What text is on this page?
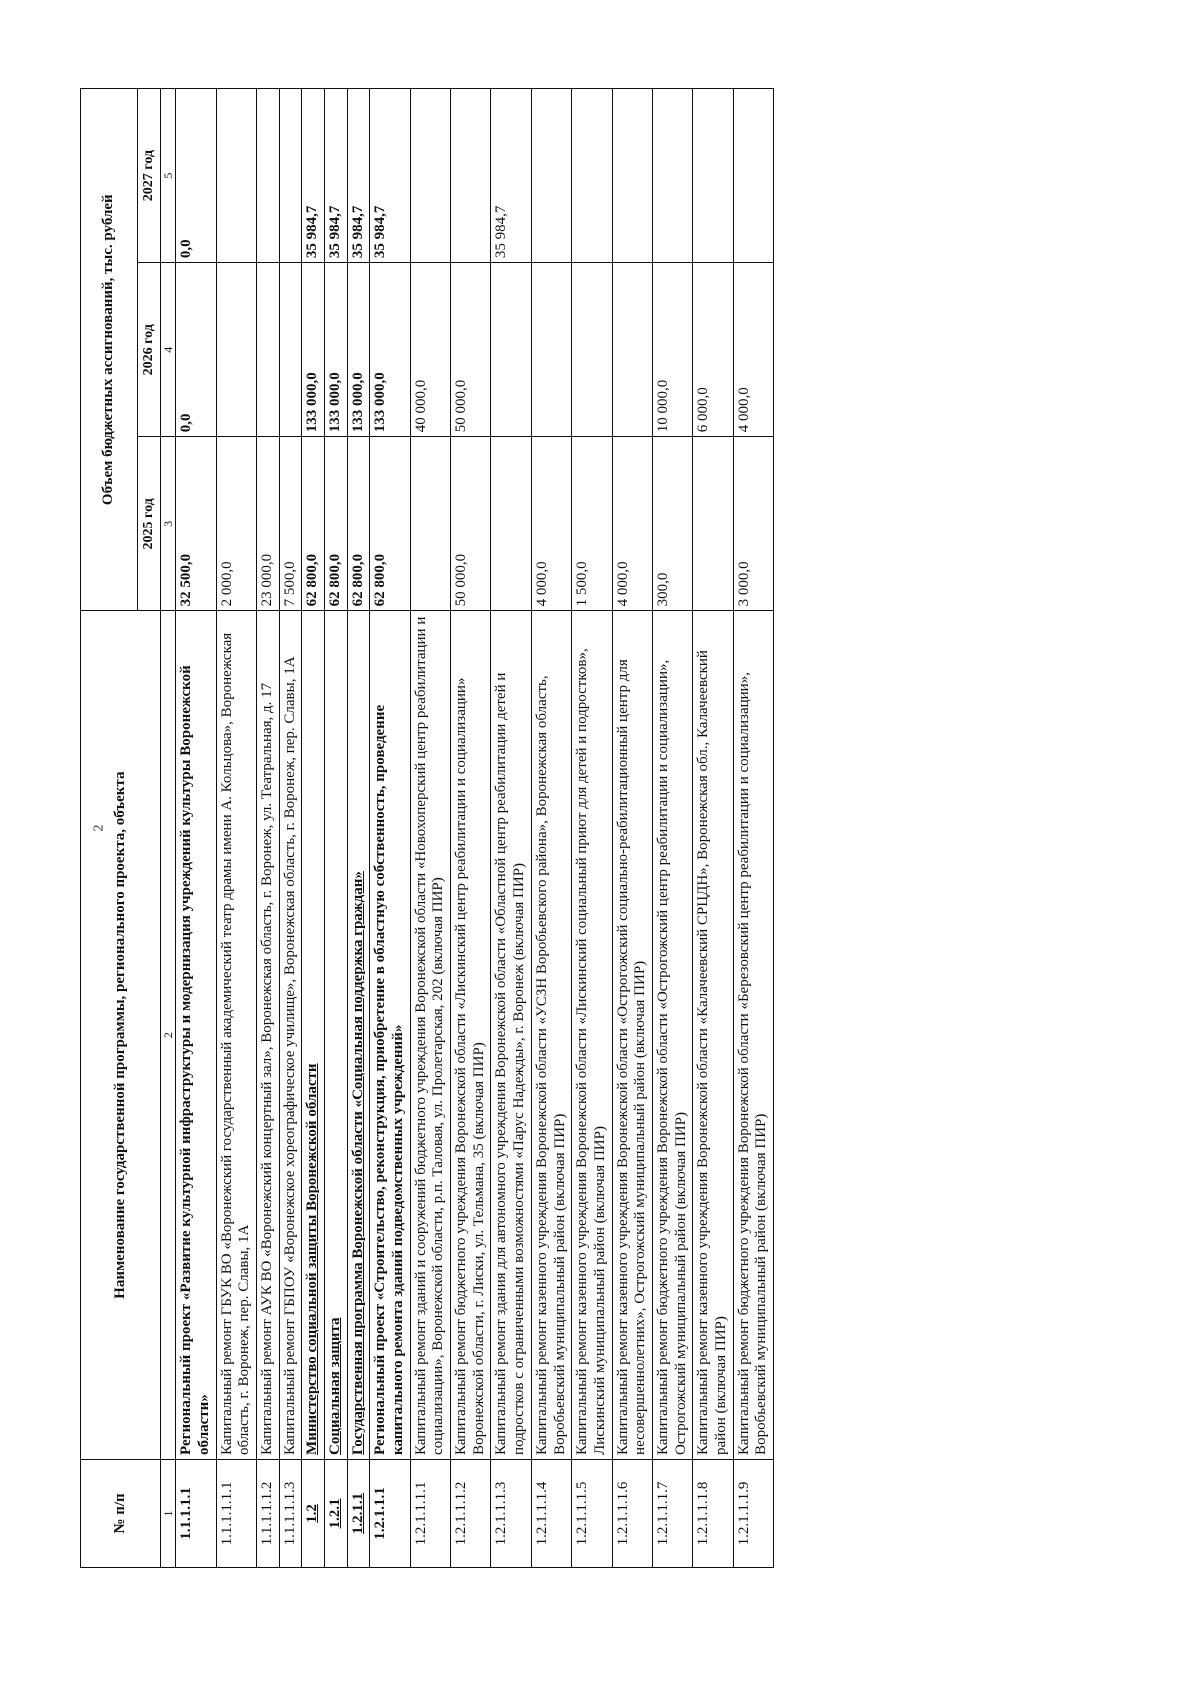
2
№ п/п	Наименование государственной программы, регионального проекта, объекта	Объем бюджетных ассигнований, тыс. рублей		
		2025 год	2026 год	2027 год
1	2	3	4	5
1.1.1.1.1	Региональный проект «Развитие культурной инфраструктуры и модернизация учреждений культуры Воронежской области»	32 500,0	0,0	0,0
1.1.1.1.1.1	Капитальный ремонт ГБУК ВО «Воронежский государственный академический театр драмы имени А. Кольцова», Воронежская область, г. Воронеж, пер. Славы, 1А	2 000,0		
1.1.1.1.1.2	Капитальный ремонт АУК ВО «Воронежский концертный зал», Воронежская область, г. Воронеж, ул. Театральная, д. 17	23 000,0		
1.1.1.1.1.3	Капитальный ремонт ГБПОУ «Воронежское хореографическое училище», Воронежская область, г. Воронеж, пер. Славы, 1А	7 500,0		
1.2	Министерство социальной защиты Воронежской области	62 800,0	133 000,0	35 984,7
1.2.1	Социальная защита	62 800,0	133 000,0	35 984,7
1.2.1.1	Государственная программа Воронежской области «Социальная поддержка граждан»	62 800,0	133 000,0	35 984,7
1.2.1.1.1	Региональный проект «Строительство, реконструкция, приобретение в областную собственность, проведение капитального ремонта зданий подведомственных учреждений»	62 800,0	133 000,0	35 984,7
1.2.1.1.1.1	Капитальный ремонт зданий и сооружений бюджетного учреждения Воронежской области «Новохоперский центр реабилитации и социализации», Воронежской области, р.п. Таловая, ул. Пролетарская, 202 (включая ПИР)		40 000,0	
1.2.1.1.1.2	Капитальный ремонт бюджетного учреждения Воронежской области «Лискинский центр реабилитации и социализации» Воронежской области, г. Лиски, ул. Тельмана, 35 (включая ПИР)	50 000,0	50 000,0	
1.2.1.1.1.3	Капитальный ремонт здания для автономного учреждения Воронежской области «Областной центр реабилитации детей и подростков с ограниченными возможностями «Парус Надежды», г. Воронеж (включая ПИР)			35 984,7
1.2.1.1.1.4	Капитальный ремонт казенного учреждения Воронежской области «УСЗН Воробьевского района», Воронежская область, Воробьевский муниципальный район (включая ПИР)	4 000,0		
1.2.1.1.1.5	Капитальный ремонт казенного учреждения Воронежской области «Лискинский социальный приют для детей и подростков», Лискинский муниципальный район (включая ПИР)	1 500,0		
1.2.1.1.1.6	Капитальный ремонт казенного учреждения Воронежской области «Острогожский социально-реабилитационный центр для несовершеннолетних», Острогожский муниципальный район (включая ПИР)	4 000,0		
1.2.1.1.1.7	Капитальный ремонт бюджетного учреждения Воронежской области «Острогожский центр реабилитации и социализации», Острогожский муниципальный район (включая ПИР)	300,0	10 000,0	
1.2.1.1.1.8	Капитальный ремонт казенного учреждения Воронежской области «Калачеевский СРЦДН», Воронежская обл., Калачеевский район (включая ПИР)		6 000,0	
1.2.1.1.1.9	Капитальный ремонт бюджетного учреждения Воронежской области «Березовский центр реабилитации и социализации», Воробьевский муниципальный район (включая ПИР)	3 000,0	4 000,0	
